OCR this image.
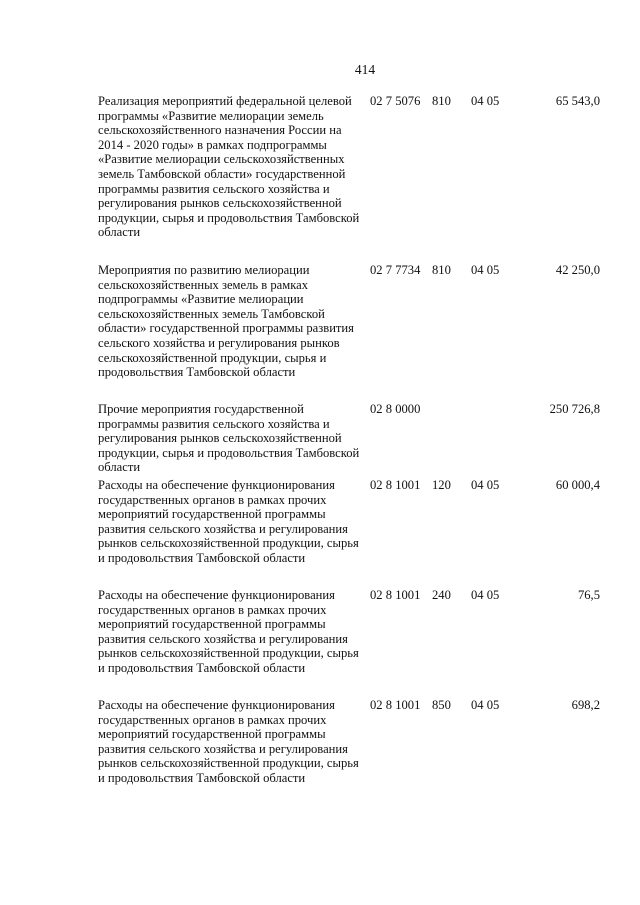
414
Реализация мероприятий федеральной целевой программы «Развитие мелиорации земель сельскохозяйственного назначения России на 2014 - 2020 годы» в рамках подпрограммы «Развитие мелиорации сельскохозяйственных земель Тамбовской области» государственной программы развития сельского хозяйства и регулирования рынков сельскохозяйственной продукции, сырья и продовольствия Тамбовской области
02 7 5076 810 04 05	65 543,0
Мероприятия по развитию мелиорации сельскохозяйственных земель в рамках подпрограммы «Развитие мелиорации сельскохозяйственных земель Тамбовской области» государственной программы развития сельского хозяйства и регулирования рынков сельскохозяйственной продукции, сырья и продовольствия Тамбовской области
02 7 7734 810 04 05	42 250,0
Прочие мероприятия государственной программы развития сельского хозяйства и регулирования рынков сельскохозяйственной продукции, сырья и продовольствия Тамбовской области
02 8 0000	250 726,8
Расходы на обеспечение функционирования государственных органов в рамках прочих мероприятий государственной программы развития сельского хозяйства и регулирования рынков сельскохозяйственной продукции, сырья и продовольствия Тамбовской области
02 8 1001 120 04 05	60 000,4
Расходы на обеспечение функционирования государственных органов в рамках прочих мероприятий государственной программы развития сельского хозяйства и регулирования рынков сельскохозяйственной продукции, сырья и продовольствия Тамбовской области
02 8 1001 240 04 05	76,5
Расходы на обеспечение функционирования государственных органов в рамках прочих мероприятий государственной программы развития сельского хозяйства и регулирования рынков сельскохозяйственной продукции, сырья и продовольствия Тамбовской области
02 8 1001 850 04 05	698,2
